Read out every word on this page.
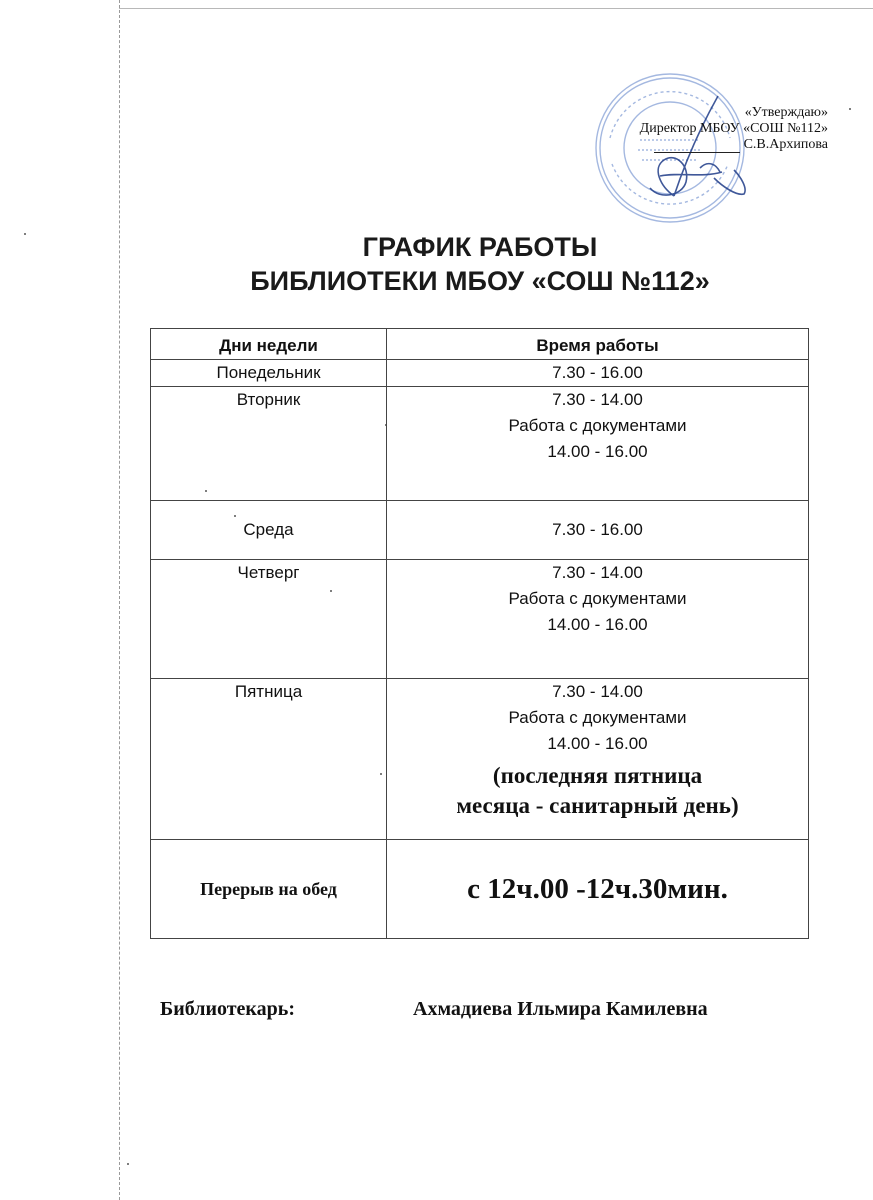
«Утверждаю»
Директор МБОУ «СОШ №112»
С.В.Архипова
ГРАФИК РАБОТЫ
БИБЛИОТЕКИ МБОУ «СОШ №112»
Дни недели	Время работы
Понедельник	7.30 - 16.00

Вторник	7.30 - 14.00
Работа с документами
14.00 - 16.00

Среда	7.30 - 16.00

Четверг	7.30 - 14.00
Работа с документами
14.00 - 16.00

Пятница	7.30 - 14.00
Работа с документами
14.00 - 16.00
(последняя пятница
месяца - санитарный день)

Перерыв на обед	с 12ч.00 -12ч.30мин.
Библиотекарь:	Ахмадиева Ильмира Камилевна
